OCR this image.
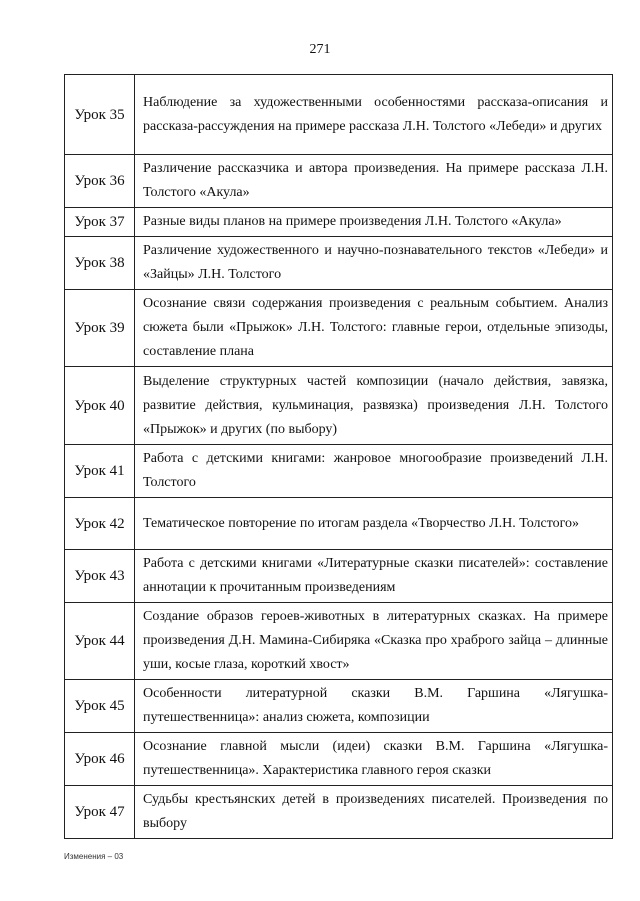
271
Урок 35	Наблюдение за художественными особенностями рассказа-описания и рассказа-рассуждения на примере рассказа Л.Н. Толстого «Лебеди» и других
Урок 36	Различение рассказчика и автора произведения. На примере рассказа Л.Н. Толстого «Акула»
Урок 37	Разные виды планов на примере произведения Л.Н. Толстого «Акула»
Урок 38	Различение художественного и научно-познавательного текстов «Лебеди» и «Зайцы» Л.Н. Толстого
Урок 39	Осознание связи содержания произведения с реальным событием. Анализ сюжета были «Прыжок» Л.Н. Толстого: главные герои, отдельные эпизоды, составление плана
Урок 40	Выделение структурных частей композиции (начало действия, завязка, развитие действия, кульминация, развязка) произведения Л.Н. Толстого «Прыжок» и других (по выбору)
Урок 41	Работа с детскими книгами: жанровое многообразие произведений Л.Н. Толстого
Урок 42	Тематическое повторение по итогам раздела «Творчество Л.Н. Толстого»
Урок 43	Работа с детскими книгами «Литературные сказки писателей»: составление аннотации к прочитанным произведениям
Урок 44	Создание образов героев-животных в литературных сказках. На примере произведения Д.Н. Мамина-Сибиряка «Сказка про храброго зайца – длинные уши, косые глаза, короткий хвост»
Урок 45	Особенности литературной сказки В.М. Гаршина «Лягушка-путешественница»: анализ сюжета, композиции
Урок 46	Осознание главной мысли (идеи) сказки В.М. Гаршина «Лягушка-путешественница». Характеристика главного героя сказки
Урок 47	Судьбы крестьянских детей в произведениях писателей. Произведения по выбору
Изменения – 03
